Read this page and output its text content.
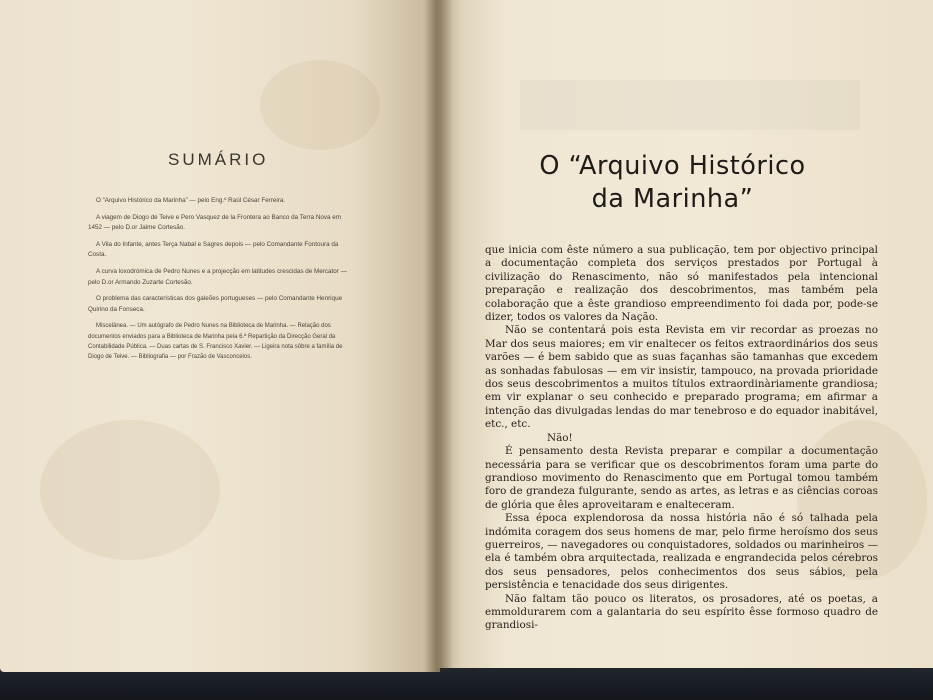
SUMÁRIO
O “Arquivo Histórico da Marinha” — pelo Eng.º Raúl César Ferreira.
A viagem de Diogo de Teive e Pero Vasquez de la Frontera ao Banco da Terra Nova em 1452 — pelo D.or Jaime Cortesão.
A Vila do Infante, antes Terça Nabal e Sagres depois — pelo Comandante Fontoura da Costa.
A curva loxodrómica de Pedro Nunes e a projecção em latitudes crescidas de Mercator — pelo D.or Armando Zuzarte Cortesão.
O problema das características dos galeões portugueses — pelo Comandante Henrique Quirino da Fonseca.
Miscelânea. — Um autógrafo de Pedro Nunes na Biblioteca de Marinha. — Relação dos documentos enviados para a Biblioteca de Marinha pela 6.ª Repartição da Direcção Geral da Contabilidade Pública. — Duas cartas de S. Francisco Xavier. — Ligeira nota sôbre a família de Diogo de Teive. — Bibliografia — por Frazão de Vasconcelos.
O “Arquivo Histórico
da Marinha”

que inicia com êste número a sua publicação, tem por objectivo principal a documentação completa dos serviços prestados por Portugal à civilização do Renascimento, não só manifestados pela intencional preparação e realização dos descobrimentos, mas também pela colaboração que a êste grandioso empreendimento foi dada por, pode-se dizer, todos os valores da Nação.

Não se contentará pois esta Revista em vir recordar as proezas no Mar dos seus maiores; em vir enaltecer os feitos extraordinários dos seus varões — é bem sabido que as suas façanhas são tamanhas que excedem as sonhadas fabulosas — em vir insistir, tampouco, na provada prioridade dos seus descobrimentos a muitos títulos extraordinàriamente grandiosa; em vir explanar o seu conhecido e preparado programa; em afirmar a intenção das divulgadas lendas do mar tenebroso e do equador inabitável, etc., etc.

Não!

É pensamento desta Revista preparar e compilar a documentação necessária para se verificar que os descobrimentos foram uma parte do grandioso movimento do Renascimento que em Portugal tomou também foro de grandeza fulgurante, sendo as artes, as letras e as ciências coroas de glória que êles aproveitaram e enalteceram.

Essa época explendorosa da nossa história não é só talhada pela indómita coragem dos seus homens de mar, pelo firme heroísmo dos seus guerreiros, — navegadores ou conquistadores, soldados ou marinheiros — ela é também obra arquitectada, realizada e engrandecida pelos cérebros dos seus pensadores, pelos conhecimentos dos seus sábios, pela persistência e tenacidade dos seus dirigentes.

Não faltam tão pouco os literatos, os prosadores, até os poetas, a emmoldurarem com a galantaria do seu espírito êsse formoso quadro de grandiosi-
